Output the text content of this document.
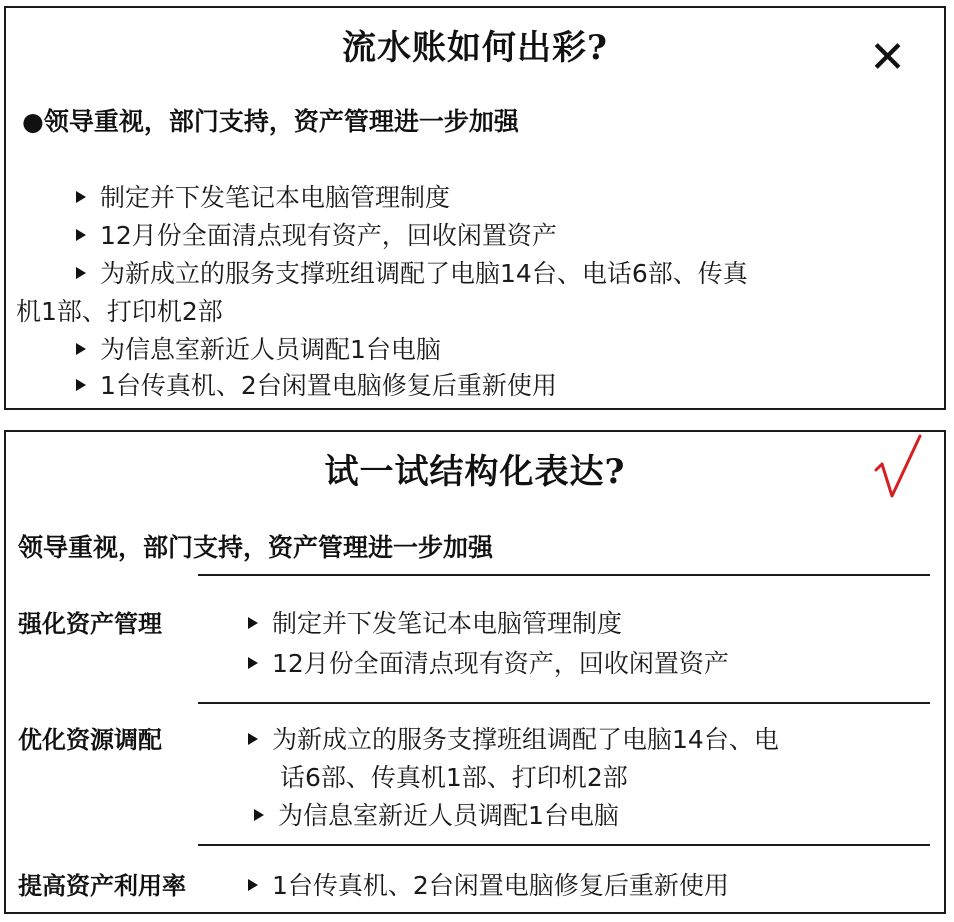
流水账如何出彩?	✕
●领导重视，部门支持，资产管理进一步加强
制定并下发笔记本电脑管理制度
12月份全面清点现有资产，回收闲置资产
为新成立的服务支撑班组调配了电脑14台、电话6部、传真
机1部、打印机2部
为信息室新近人员调配1台电脑
1台传真机、2台闲置电脑修复后重新使用
试一试结构化表达?
领导重视，部门支持，资产管理进一步加强
强化资产管理	制定并下发笔记本电脑管理制度
12月份全面清点现有资产，回收闲置资产
优化资源调配	为新成立的服务支撑班组调配了电脑14台、电
话6部、传真机1部、打印机2部
为信息室新近人员调配1台电脑
提高资产利用率	1台传真机、2台闲置电脑修复后重新使用
